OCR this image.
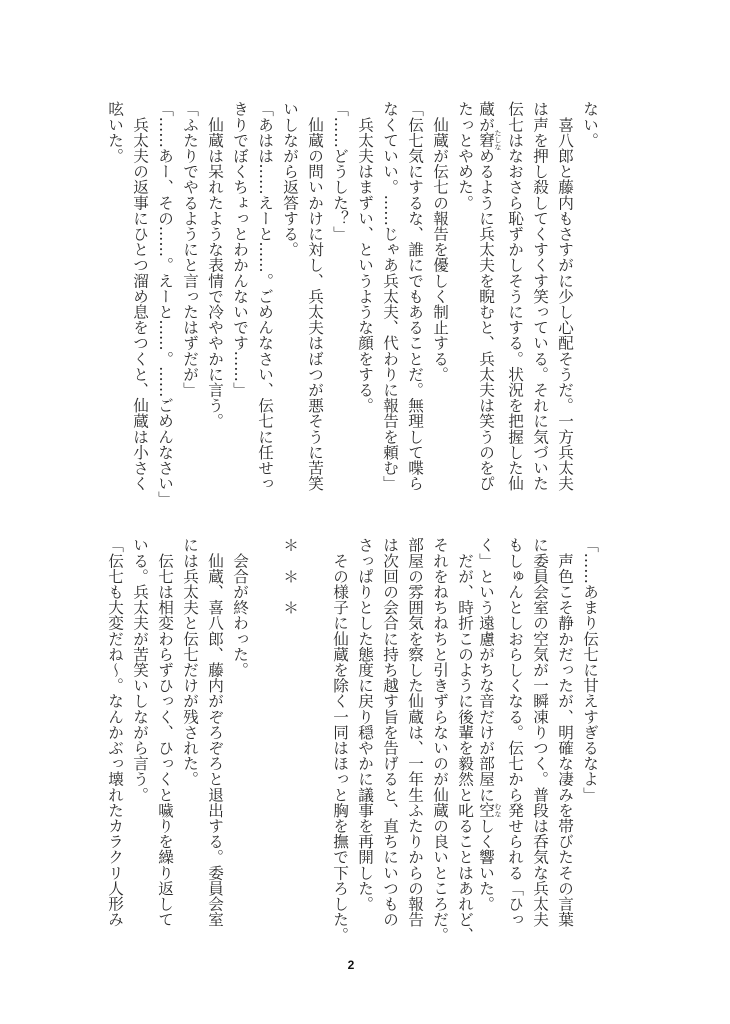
ない。
　喜八郎と藤内もさすがに少し心配そうだ。一方兵太夫
は声を押し殺してくすくす笑っている。それに気づいた
伝七はなおさら恥ずかしそうにする。状況を把握した仙
蔵が窘 たしなめるように兵太夫を睨むと、兵太夫は笑うのをぴ
たっとやめた。
　仙蔵が伝七の報告を優しく制止する。
「伝七気にするな、誰にでもあることだ。無理して喋ら
なくていい。……じゃあ兵太夫、代わりに報告を頼む」
　兵太夫はまずい、というような顔をする。
「……どうした？」
　仙蔵の問いかけに対し、兵太夫はばつが悪そうに苦笑
いしながら返答する。
「あはは……えーと……。ごめんなさい、伝七に任せっ
きりでぼくちょっとわかんないです……」
　仙蔵は呆れたような表情で冷ややかに言う。
「ふたりでやるようにと言ったはずだが」
「……あー、その……。えーと……。……ごめんなさい」
　兵太夫の返事にひとつ溜め息をつくと、仙蔵は小さく
呟いた。
「……あまり伝七に甘えすぎるなよ」
　声色こそ静かだったが、明確な凄みを帯びたその言葉
に委員会室の空気が一瞬凍りつく。普段は呑気な兵太夫
もしゅんとしおらしくなる。伝七から発せられる「ひっ
く」という遠慮がちな音だけが部屋に空 むなしく響いた。
　だが、時折このように後輩を毅然と叱ることはあれど、
それをねちねちと引きずらないのが仙蔵の良いところだ。
部屋の雰囲気を察した仙蔵は、一年生ふたりからの報告
は次回の会合に持ち越す旨を告げると、直ちにいつもの
さっぱりとした態度に戻り穏やかに議事を再開した。
　その様子に仙蔵を除く一同はほっと胸を撫で下ろした。
＊　＊　＊
　会合が終わった。
　仙蔵、喜八郎、藤内がぞろぞろと退出する。委員会室
には兵太夫と伝七だけが残された。
　伝七は相変わらずひっく、ひっくと噦りを繰り返して
いる。兵太夫が苦笑いしながら言う。
「伝七も大変だね～。なんかぶっ壊れたカラクリ人形み
2
